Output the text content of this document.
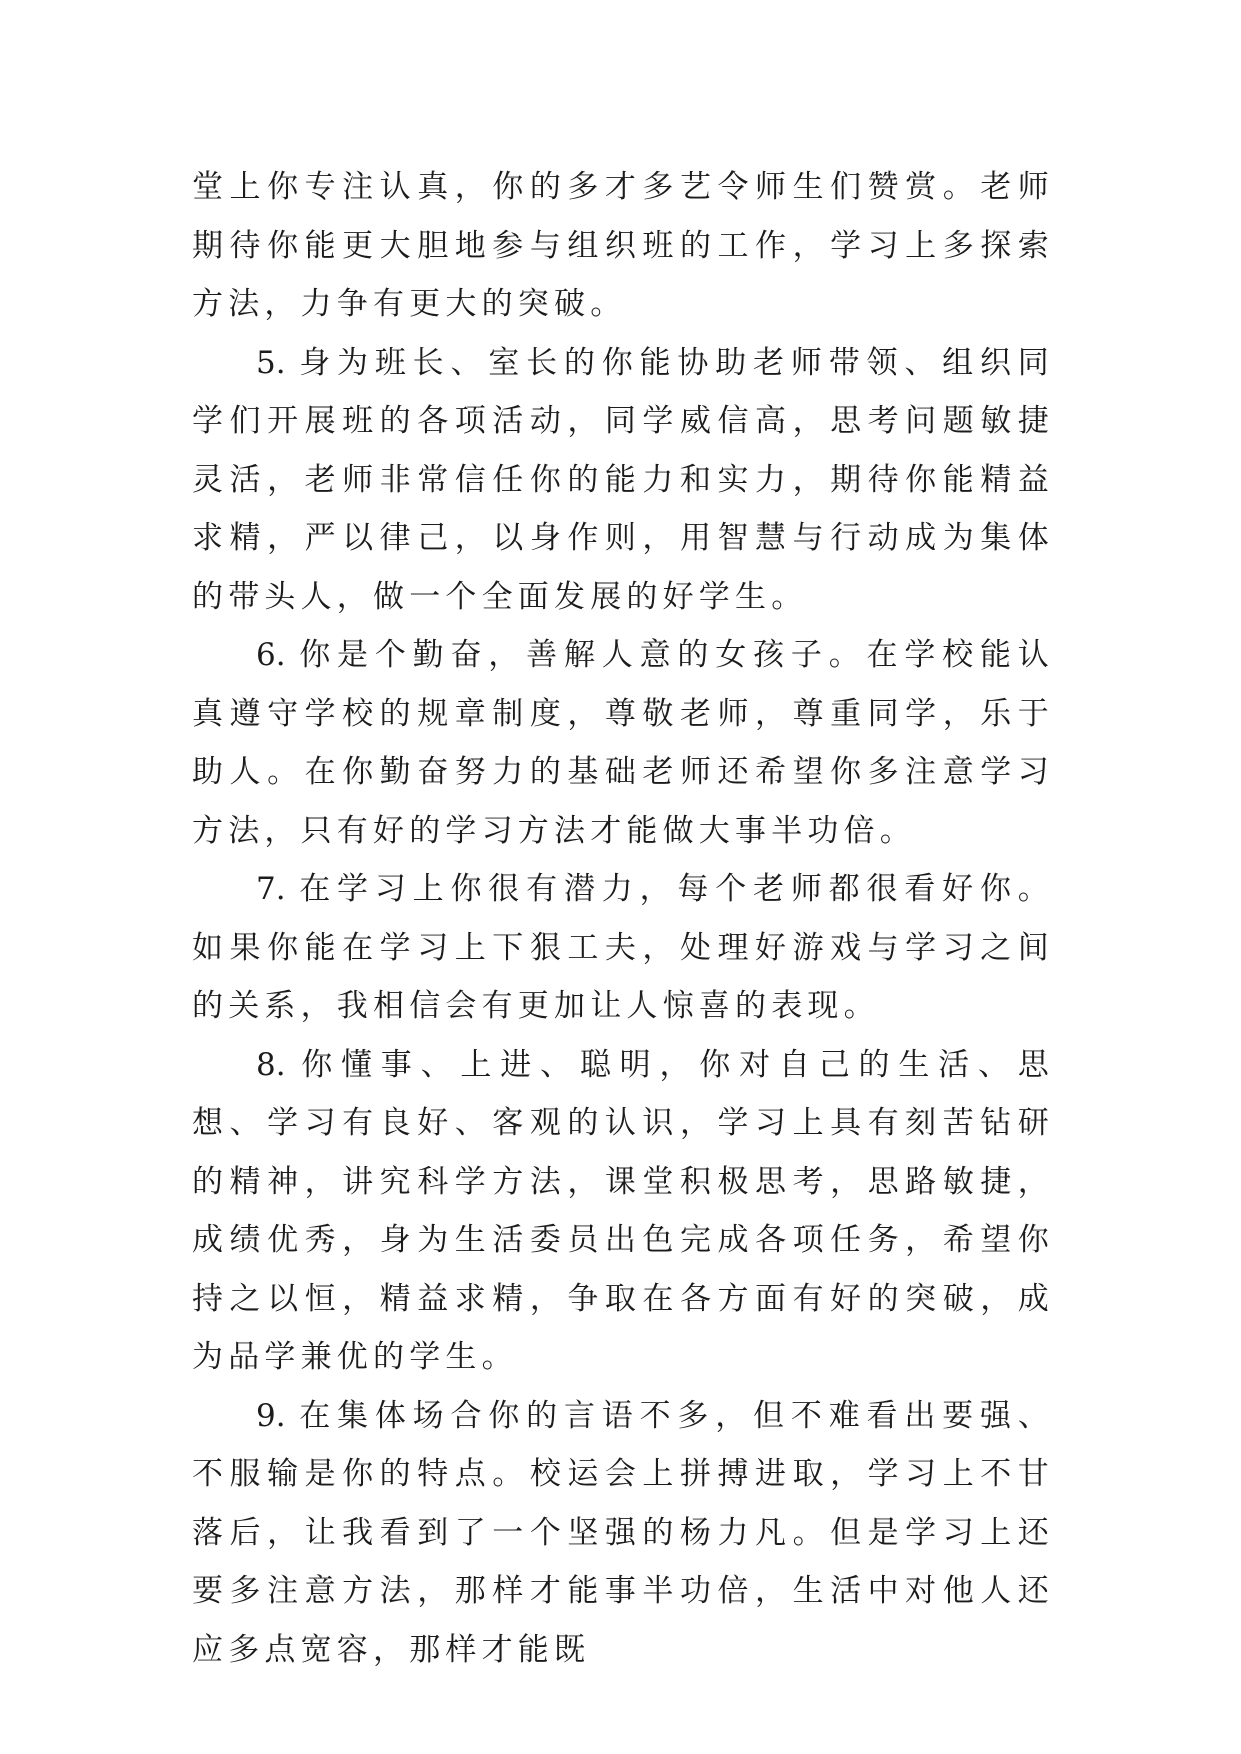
堂上你专注认真，你的多才多艺令师生们赞赏。老师期待你能更大胆地参与组织班的工作，学习上多探索方法，力争有更大的突破。

5. 身为班长、室长的你能协助老师带领、组织同学们开展班的各项活动，同学威信高，思考问题敏捷灵活，老师非常信任你的能力和实力，期待你能精益求精，严以律己，以身作则，用智慧与行动成为集体的带头人，做一个全面发展的好学生。

6. 你是个勤奋，善解人意的女孩子。在学校能认真遵守学校的规章制度，尊敬老师，尊重同学，乐于助人。在你勤奋努力的基础老师还希望你多注意学习方法，只有好的学习方法才能做大事半功倍。

7. 在学习上你很有潜力，每个老师都很看好你。如果你能在学习上下狠工夫，处理好游戏与学习之间的关系，我相信会有更加让人惊喜的表现。

8. 你懂事、上进、聪明，你对自己的生活、思想、学习有良好、客观的认识，学习上具有刻苦钻研的精神，讲究科学方法，课堂积极思考，思路敏捷，成绩优秀，身为生活委员出色完成各项任务，希望你持之以恒，精益求精，争取在各方面有好的突破，成为品学兼优的学生。

9. 在集体场合你的言语不多，但不难看出要强、不服输是你的特点。校运会上拼搏进取，学习上不甘落后，让我看到了一个坚强的杨力凡。但是学习上还要多注意方法，那样才能事半功倍，生活中对他人还应多点宽容，那样才能既
